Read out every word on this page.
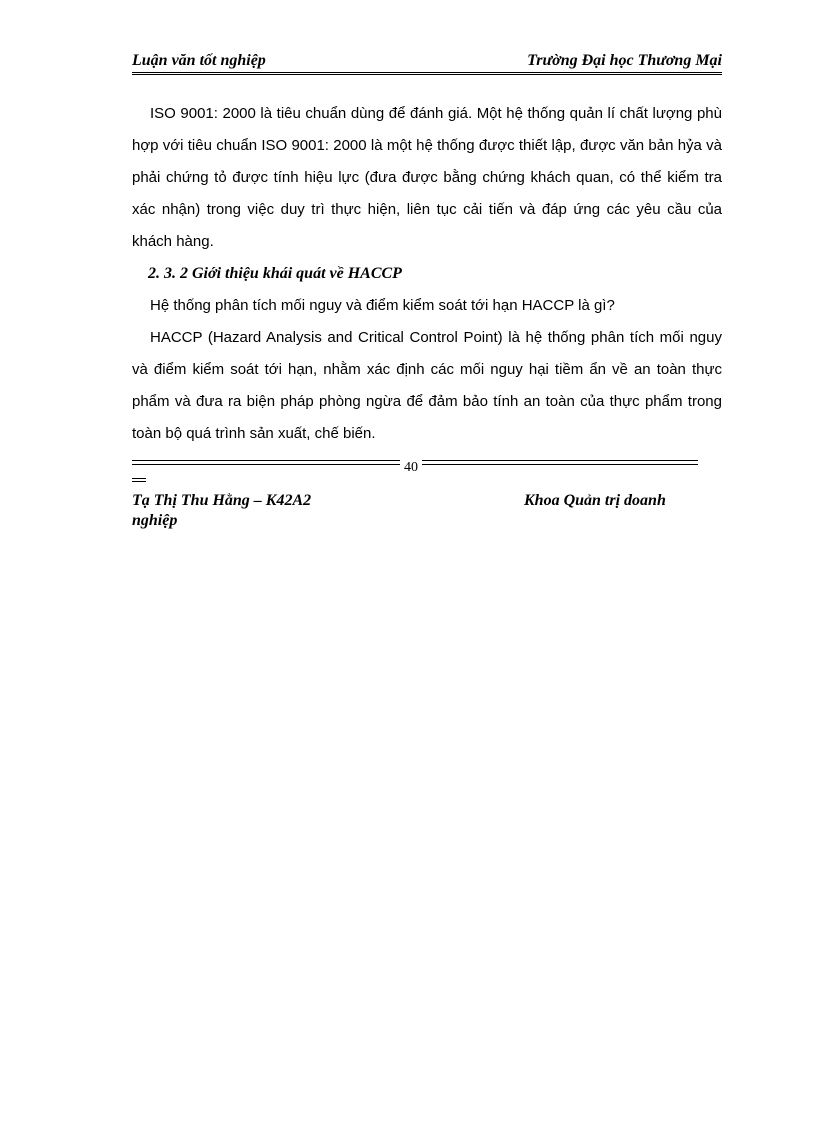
Luận văn tốt nghiệp	Trường Đại học Thương Mại

ISO 9001: 2000 là tiêu chuẩn dùng để đánh giá. Một hệ thống quản lí chất lượng phù hợp với tiêu chuẩn ISO 9001: 2000 là một hệ thống được thiết lập, được văn bản hỷa và phải chứng tỏ được tính hiệu lực (đưa được bằng chứng khách quan, có thể kiểm tra xác nhận) trong việc duy trì thực hiện, liên tục cải tiến và đáp ứng các yêu cầu của khách hàng.

2. 3. 2 Giới thiệu khái quát về HACCP

Hệ thống phân tích mối nguy và điểm kiểm soát tới hạn HACCP là gì?

HACCP (Hazard Analysis and Critical Control Point) là hệ thống phân tích mối nguy và điểm kiểm soát tới hạn, nhằm xác định các mối nguy hại tiềm ẩn về an toàn thực phẩm và đưa ra biện pháp phòng ngừa để đảm bảo tính an toàn của thực phẩm trong toàn bộ quá trình sản xuất, chế biến.

40
Tạ Thị Thu Hằng – K42A2	Khoa Quản trị doanh
nghiệp
